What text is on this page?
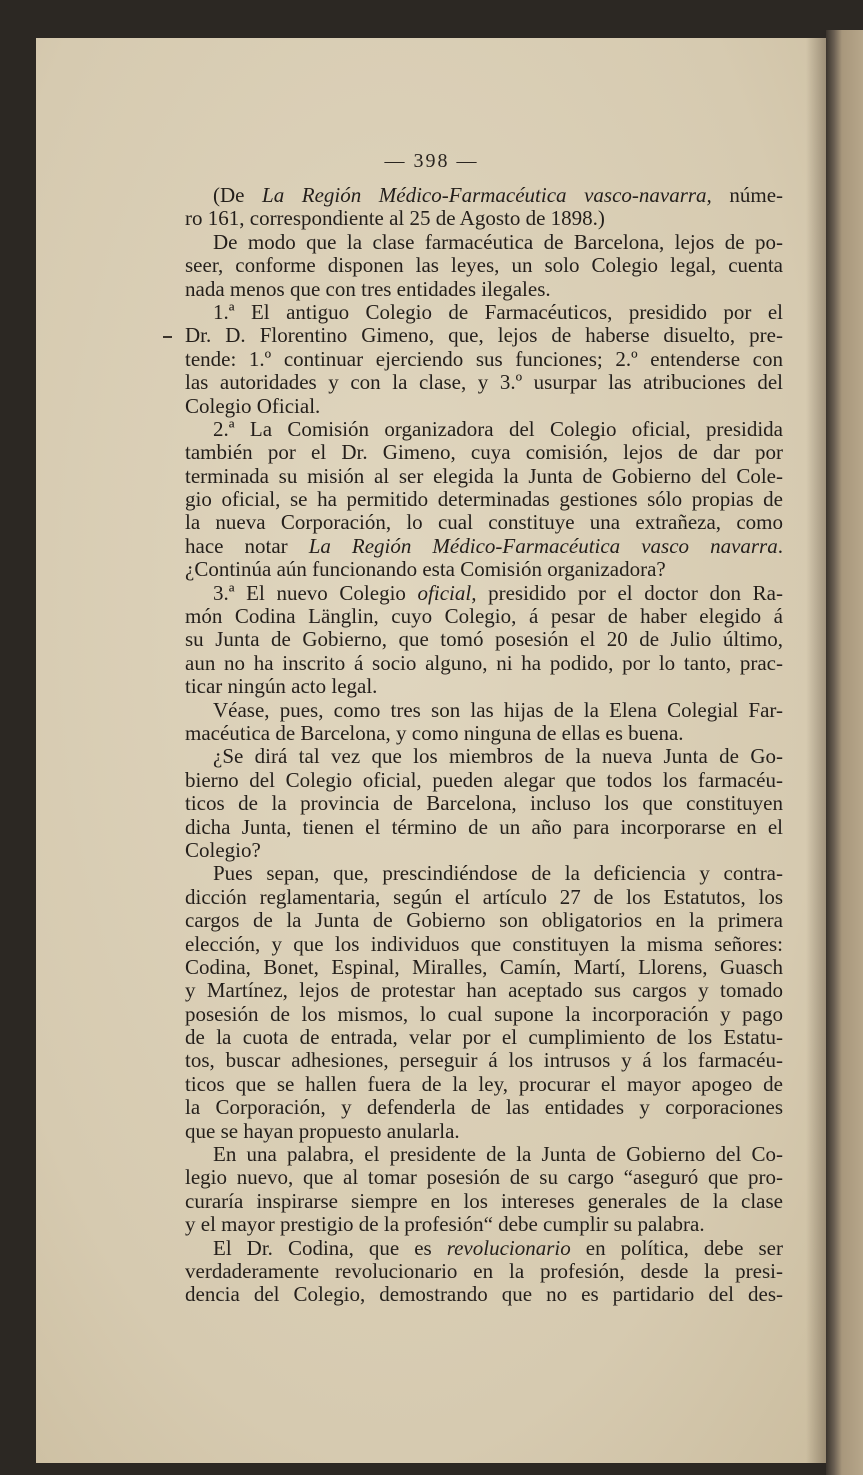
— 398 —
(De La Región Médico-Farmacéutica vasco-navarra, núme-
ro 161, correspondiente al 25 de Agosto de 1898.)
De modo que la clase farmacéutica de Barcelona, lejos de po-
seer, conforme disponen las leyes, un solo Colegio legal, cuenta
nada menos que con tres entidades ilegales.
1.ª El antiguo Colegio de Farmacéuticos, presidido por el
Dr. D. Florentino Gimeno, que, lejos de haberse disuelto, pre-
tende: 1.º continuar ejerciendo sus funciones; 2.º entenderse con
las autoridades y con la clase, y 3.º usurpar las atribuciones del
Colegio Oficial.
2.ª La Comisión organizadora del Colegio oficial, presidida
también por el Dr. Gimeno, cuya comisión, lejos de dar por
terminada su misión al ser elegida la Junta de Gobierno del Cole-
gio oficial, se ha permitido determinadas gestiones sólo propias de
la nueva Corporación, lo cual constituye una extrañeza, como
hace notar La Región Médico-Farmacéutica vasco navarra.
¿Continúa aún funcionando esta Comisión organizadora?
3.ª El nuevo Colegio oficial, presidido por el doctor don Ra-
món Codina Länglin, cuyo Colegio, á pesar de haber elegido á
su Junta de Gobierno, que tomó posesión el 20 de Julio último,
aun no ha inscrito á socio alguno, ni ha podido, por lo tanto, prac-
ticar ningún acto legal.
Véase, pues, como tres son las hijas de la Elena Colegial Far-
macéutica de Barcelona, y como ninguna de ellas es buena.
¿Se dirá tal vez que los miembros de la nueva Junta de Go-
bierno del Colegio oficial, pueden alegar que todos los farmacéu-
ticos de la provincia de Barcelona, incluso los que constituyen
dicha Junta, tienen el término de un año para incorporarse en el
Colegio?
Pues sepan, que, prescindiéndose de la deficiencia y contra-
dicción reglamentaria, según el artículo 27 de los Estatutos, los
cargos de la Junta de Gobierno son obligatorios en la primera
elección, y que los individuos que constituyen la misma señores:
Codina, Bonet, Espinal, Miralles, Camín, Martí, Llorens, Guasch
y Martínez, lejos de protestar han aceptado sus cargos y tomado
posesión de los mismos, lo cual supone la incorporación y pago
de la cuota de entrada, velar por el cumplimiento de los Estatu-
tos, buscar adhesiones, perseguir á los intrusos y á los farmacéu-
ticos que se hallen fuera de la ley, procurar el mayor apogeo de
la Corporación, y defenderla de las entidades y corporaciones
que se hayan propuesto anularla.
En una palabra, el presidente de la Junta de Gobierno del Co-
legio nuevo, que al tomar posesión de su cargo “aseguró que pro-
curaría inspirarse siempre en los intereses generales de la clase
y el mayor prestigio de la profesión“ debe cumplir su palabra.
El Dr. Codina, que es revolucionario en política, debe ser
verdaderamente revolucionario en la profesión, desde la presi-
dencia del Colegio, demostrando que no es partidario del des-
